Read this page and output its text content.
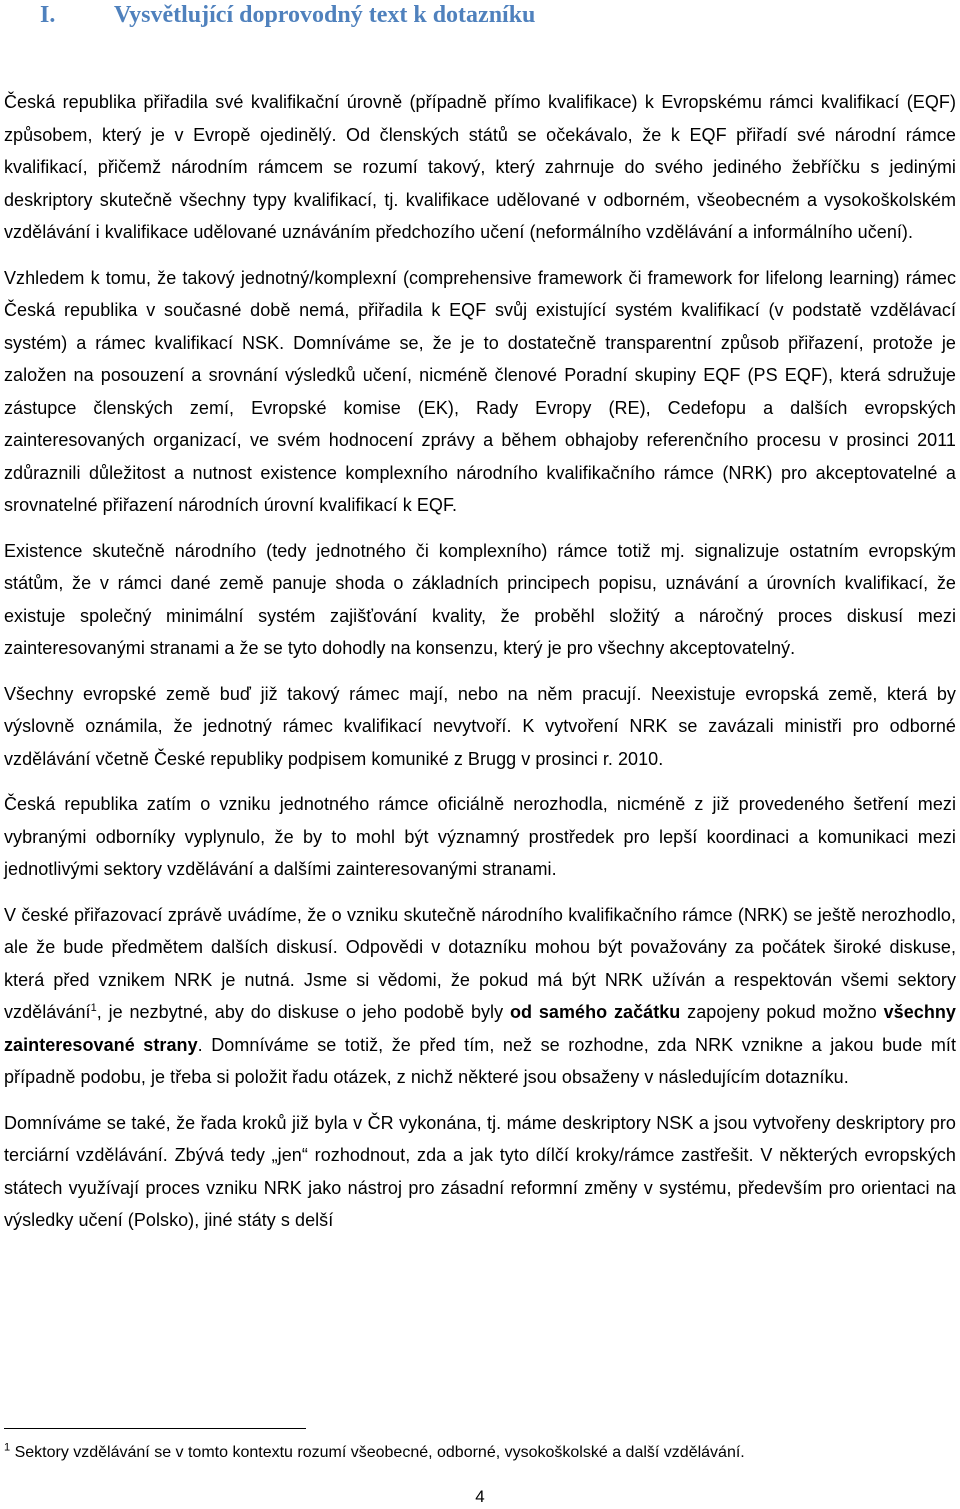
I.	Vysvětlující doprovodný text k dotazníku

Česká republika přiřadila své kvalifikační úrovně (případně přímo kvalifikace) k Evropskému rámci kvalifikací (EQF) způsobem, který je v Evropě ojedinělý. Od členských států se očekávalo, že k EQF přiřadí své národní rámce kvalifikací, přičemž národním rámcem se rozumí takový, který zahrnuje do svého jediného žebříčku s jedinými deskriptory skutečně všechny typy kvalifikací, tj. kvalifikace udělované v odborném, všeobecném a vysokoškolském vzdělávání i kvalifikace udělované uznáváním předchozího učení (neformálního vzdělávání a informálního učení).

Vzhledem k tomu, že takový jednotný/komplexní (comprehensive framework či framework for lifelong learning) rámec Česká republika v současné době nemá, přiřadila k EQF svůj existující systém kvalifikací (v podstatě vzdělávací systém) a rámec kvalifikací NSK. Domníváme se, že je to dostatečně transparentní způsob přiřazení, protože je založen na posouzení a srovnání výsledků učení, nicméně členové Poradní skupiny EQF (PS EQF), která sdružuje zástupce členských zemí, Evropské komise (EK), Rady Evropy (RE), Cedefopu a dalších evropských zainteresovaných organizací, ve svém hodnocení zprávy a během obhajoby referenčního procesu v prosinci 2011 zdůraznili důležitost a nutnost existence komplexního národního kvalifikačního rámce (NRK) pro akceptovatelné a srovnatelné přiřazení národních úrovní kvalifikací k EQF.

Existence skutečně národního (tedy jednotného či komplexního) rámce totiž mj. signalizuje ostatním evropským státům, že v rámci dané země panuje shoda o základních principech popisu, uznávání a úrovních kvalifikací, že existuje společný minimální systém zajišťování kvality, že proběhl složitý a náročný proces diskusí mezi zainteresovanými stranami a že se tyto dohodly na konsenzu, který je pro všechny akceptovatelný.

Všechny evropské země buď již takový rámec mají, nebo na něm pracují. Neexistuje evropská země, která by výslovně oznámila, že jednotný rámec kvalifikací nevytvoří. K vytvoření NRK se zavázali ministři pro odborné vzdělávání včetně České republiky podpisem komuniké z Brugg v prosinci r. 2010.

Česká republika zatím o vzniku jednotného rámce oficiálně nerozhodla, nicméně z již provedeného šetření mezi vybranými odborníky vyplynulo, že by to mohl být významný prostředek pro lepší koordinaci a komunikaci mezi jednotlivými sektory vzdělávání a dalšími zainteresovanými stranami.

V české přiřazovací zprávě uvádíme, že o vzniku skutečně národního kvalifikačního rámce (NRK) se ještě nerozhodlo, ale že bude předmětem dalších diskusí. Odpovědi v dotazníku mohou být považovány za počátek široké diskuse, která před vznikem NRK je nutná. Jsme si vědomi, že pokud má být NRK užíván a respektován všemi sektory vzdělávání$^1$, je nezbytné, aby do diskuse o jeho podobě byly od samého začátku zapojeny pokud možno všechny zainteresované strany. Domníváme se totiž, že před tím, než se rozhodne, zda NRK vznikne a jakou bude mít případně podobu, je třeba si položit řadu otázek, z nichž některé jsou obsaženy v následujícím dotazníku.

Domníváme se také, že řada kroků již byla v ČR vykonána, tj. máme deskriptory NSK a jsou vytvořeny deskriptory pro terciární vzdělávání. Zbývá tedy „jen“ rozhodnout, zda a jak tyto dílčí kroky/rámce zastřešit. V některých evropských státech využívají proces vzniku NRK jako nástroj pro zásadní reformní změny v systému, především pro orientaci na výsledky učení (Polsko), jiné státy s delší

$^1$ Sektory vzdělávání se v tomto kontextu rozumí všeobecné, odborné, vysokoškolské a další vzdělávání.
4
